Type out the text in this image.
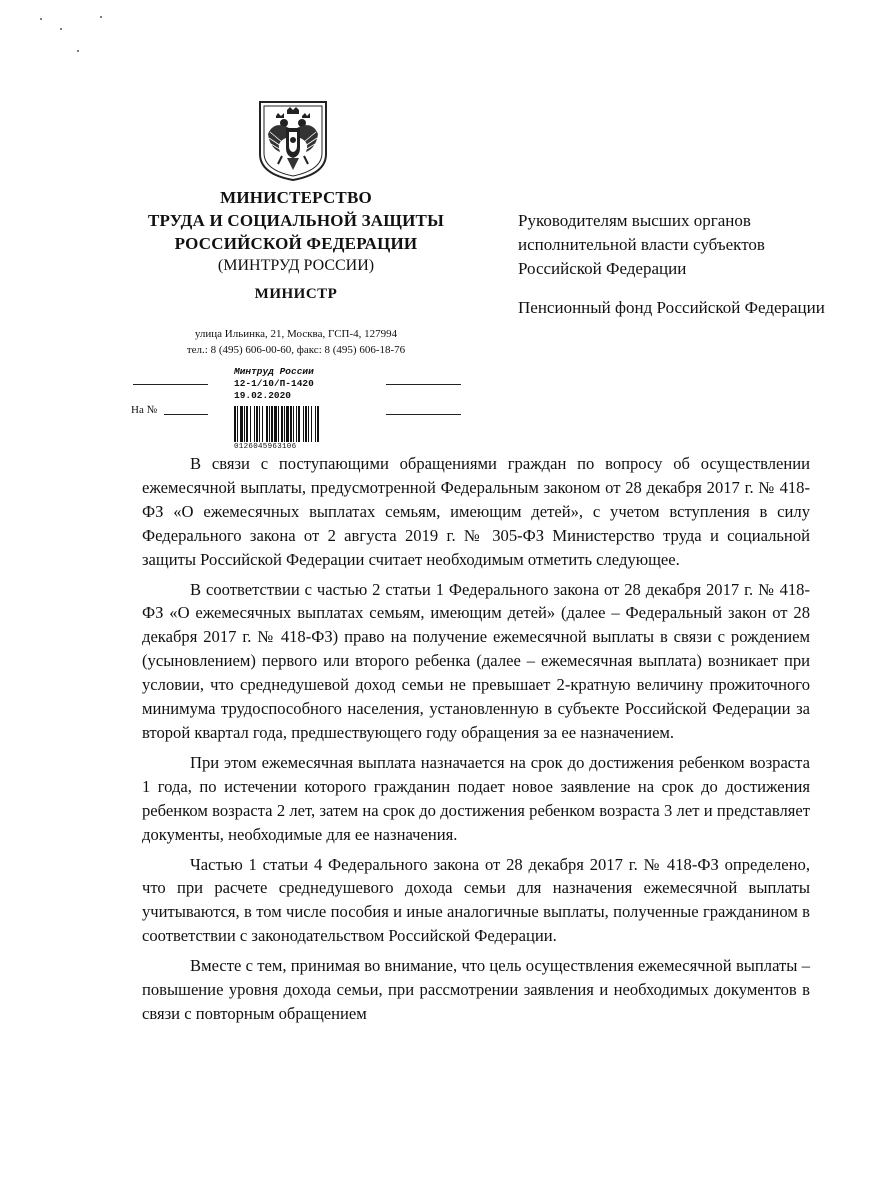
МИНИСТЕРСТВО
ТРУДА И СОЦИАЛЬНОЙ ЗАЩИТЫ
РОССИЙСКОЙ ФЕДЕРАЦИИ
(МИНТРУД РОССИИ)
МИНИСТР
улица Ильинка, 21, Москва, ГСП-4, 127994
тел.: 8 (495) 606-00-60, факс: 8 (495) 606-18-76
Минтруд России
12-1/10/П-1420
19.02.2020
На №
0126045963106
Руководителям высших органов исполнительной власти субъектов Российской Федерации
Пенсионный фонд Российской Федерации

В связи с поступающими обращениями граждан по вопросу об осуществлении ежемесячной выплаты, предусмотренной Федеральным законом от 28 декабря 2017 г. № 418-ФЗ «О ежемесячных выплатах семьям, имеющим детей», с учетом вступления в силу Федерального закона от 2 августа 2019 г. № 305-ФЗ Министерство труда и социальной защиты Российской Федерации считает необходимым отметить следующее.

В соответствии с частью 2 статьи 1 Федерального закона от 28 декабря 2017 г. № 418-ФЗ «О ежемесячных выплатах семьям, имеющим детей» (далее – Федеральный закон от 28 декабря 2017 г. № 418-ФЗ) право на получение ежемесячной выплаты в связи с рождением (усыновлением) первого или второго ребенка (далее – ежемесячная выплата) возникает при условии, что среднедушевой доход семьи не превышает 2-кратную величину прожиточного минимума трудоспособного населения, установленную в субъекте Российской Федерации за второй квартал года, предшествующего году обращения за ее назначением.

При этом ежемесячная выплата назначается на срок до достижения ребенком возраста 1 года, по истечении которого гражданин подает новое заявление на срок до достижения ребенком возраста 2 лет, затем на срок до достижения ребенком возраста 3 лет и представляет документы, необходимые для ее назначения.

Частью 1 статьи 4 Федерального закона от 28 декабря 2017 г. № 418-ФЗ определено, что при расчете среднедушевого дохода семьи для назначения ежемесячной выплаты учитываются, в том числе пособия и иные аналогичные выплаты, полученные гражданином в соответствии с законодательством Российской Федерации.

Вместе с тем, принимая во внимание, что цель осуществления ежемесячной выплаты – повышение уровня дохода семьи, при рассмотрении заявления и необходимых документов в связи с повторным обращением
